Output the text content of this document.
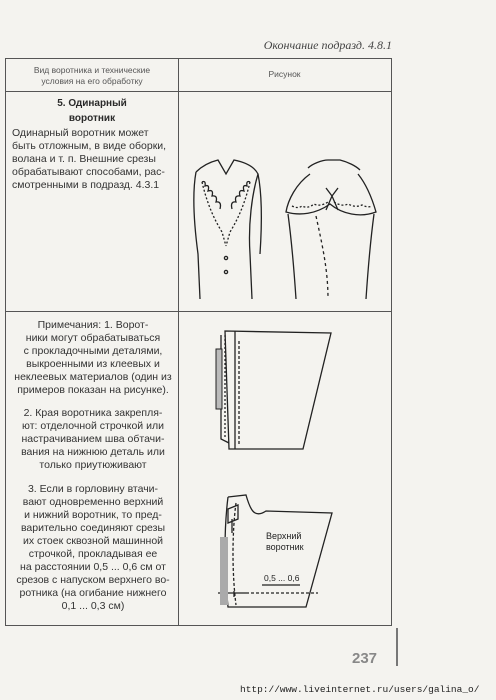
Окончание подразд. 4.8.1
Вид воротника и технические
условия на его обработку
Рисунок
5. Одинарный
воротник
Одинарный воротник может
быть отложным, в виде оборки,
волана и т. п. Внешние срезы
обрабатывают способами, рас-
смотренными в подразд. 4.3.1
Примечания: 1. Ворот-
ники могут обрабатываться
с прокладочными деталями,
выкроенными из клеевых и
неклеевых материалов (один из
примеров показан на рисунке).
2. Края воротника закрепля-
ют: отделочной строчкой или
настрачиванием шва обтачи-
вания на нижнюю деталь или
только приутюживают
3. Если в горловину втачи-
вают одновременно верхний
и нижний воротник, то пред-
варительно соединяют срезы
их стоек сквозной машинной
строчкой, прокладывая ее
на расстоянии 0,5 ... 0,6 см от
срезов с напуском верхнего во-
ротника (на огибание нижнего
0,1 ... 0,3 см)
Верхний
воротник
0,5 ... 0,6
237
http://www.liveinternet.ru/users/galina_o/
